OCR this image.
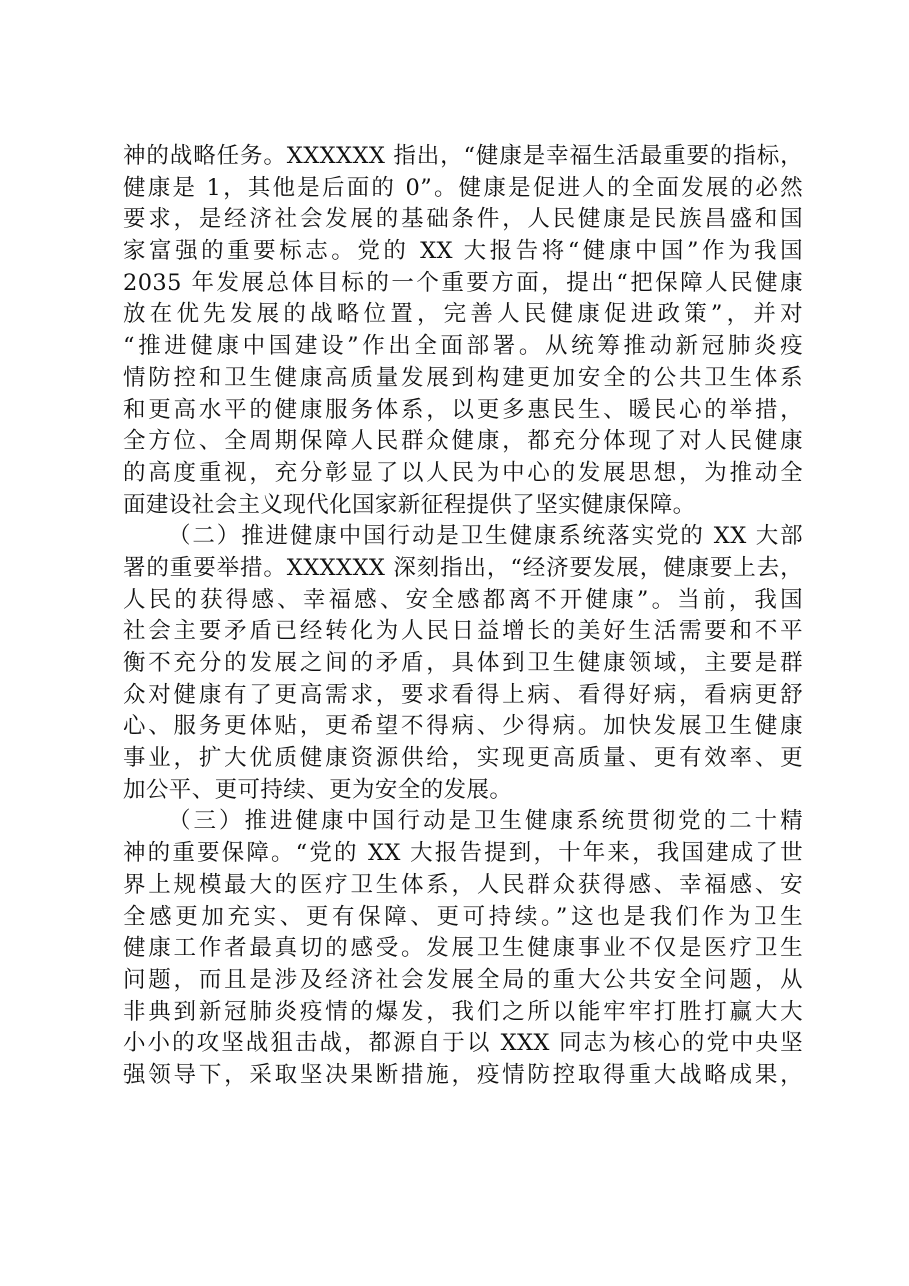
神的战略任务。XXXXXX 指出，“健康是幸福生活最重要的指标，
健康是 1，其他是后面的 0”。健康是促进人的全面发展的必然
要求，是经济社会发展的基础条件，人民健康是民族昌盛和国
家富强的重要标志。党的 XX 大报告将“健康中国”作为我国
2035 年发展总体目标的一个重要方面，提出“把保障人民健康
放在优先发展的战略位置，完善人民健康促进政策”，并对
“推进健康中国建设”作出全面部署。从统筹推动新冠肺炎疫
情防控和卫生健康高质量发展到构建更加安全的公共卫生体系
和更高水平的健康服务体系，以更多惠民生、暖民心的举措，
全方位、全周期保障人民群众健康，都充分体现了对人民健康
的高度重视，充分彰显了以人民为中心的发展思想，为推动全
面建设社会主义现代化国家新征程提供了坚实健康保障。
（二）推进健康中国行动是卫生健康系统落实党的 XX 大部
署的重要举措。XXXXXX 深刻指出，“经济要发展，健康要上去，
人民的获得感、幸福感、安全感都离不开健康”。当前，我国
社会主要矛盾已经转化为人民日益增长的美好生活需要和不平
衡不充分的发展之间的矛盾，具体到卫生健康领域，主要是群
众对健康有了更高需求，要求看得上病、看得好病，看病更舒
心、服务更体贴，更希望不得病、少得病。加快发展卫生健康
事业，扩大优质健康资源供给，实现更高质量、更有效率、更
加公平、更可持续、更为安全的发展。
（三）推进健康中国行动是卫生健康系统贯彻党的二十精
神的重要保障。“党的 XX 大报告提到，十年来，我国建成了世
界上规模最大的医疗卫生体系，人民群众获得感、幸福感、安
全感更加充实、更有保障、更可持续。”这也是我们作为卫生
健康工作者最真切的感受。发展卫生健康事业不仅是医疗卫生
问题，而且是涉及经济社会发展全局的重大公共安全问题，从
非典到新冠肺炎疫情的爆发，我们之所以能牢牢打胜打赢大大
小小的攻坚战狙击战，都源自于以 XXX 同志为核心的党中央坚
强领导下，采取坚决果断措施，疫情防控取得重大战略成果，
